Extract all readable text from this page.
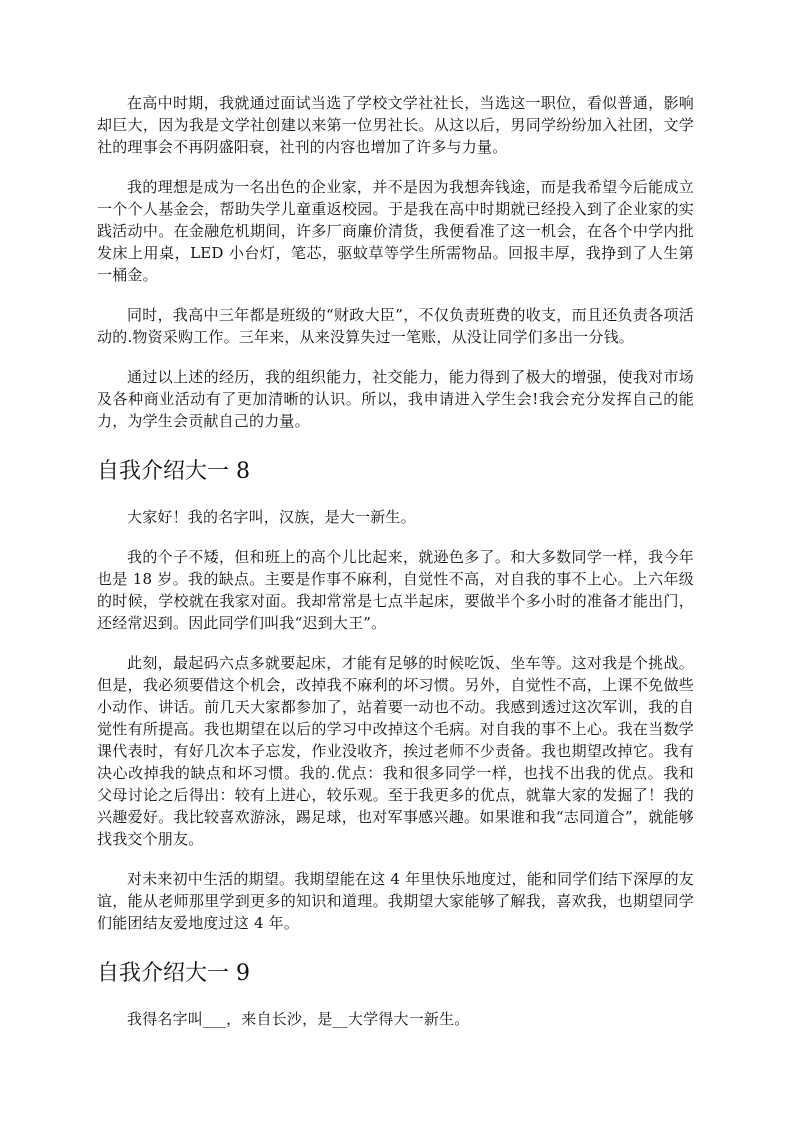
在高中时期，我就通过面试当选了学校文学社社长，当选这一职位，看似普通，影响却巨大，因为我是文学社创建以来第一位男社长。从这以后，男同学纷纷加入社团，文学社的理事会不再阴盛阳衰，社刊的内容也增加了许多与力量。

我的理想是成为一名出色的企业家，并不是因为我想奔钱途，而是我希望今后能成立一个个人基金会，帮助失学儿童重返校园。于是我在高中时期就已经投入到了企业家的实践活动中。在金融危机期间，许多厂商廉价清货，我便看准了这一机会，在各个中学内批发床上用桌，LED 小台灯，笔芯，驱蚊草等学生所需物品。回报丰厚，我挣到了人生第一桶金。

同时，我高中三年都是班级的“财政大臣”，不仅负责班费的收支，而且还负责各项活动的.物资采购工作。三年来，从来没算失过一笔账，从没让同学们多出一分钱。

通过以上述的经历，我的组织能力，社交能力，能力得到了极大的增强，使我对市场及各种商业活动有了更加清晰的认识。所以，我申请进入学生会!我会充分发挥自己的能力，为学生会贡献自己的力量。

自我介绍大一 8

大家好！我的名字叫，汉族，是大一新生。

我的个子不矮，但和班上的高个儿比起来，就逊色多了。和大多数同学一样，我今年也是 18 岁。我的缺点。主要是作事不麻利，自觉性不高，对自我的事不上心。上六年级的时候，学校就在我家对面。我却常常是七点半起床，要做半个多小时的准备才能出门，还经常迟到。因此同学们叫我“迟到大王”。

此刻，最起码六点多就要起床，才能有足够的时候吃饭、坐车等。这对我是个挑战。但是，我必须要借这个机会，改掉我不麻利的坏习惯。另外，自觉性不高，上课不免做些小动作、讲话。前几天大家都参加了，站着要一动也不动。我感到透过这次军训，我的自觉性有所提高。我也期望在以后的学习中改掉这个毛病。对自我的事不上心。我在当数学课代表时，有好几次本子忘发，作业没收齐，挨过老师不少责备。我也期望改掉它。我有决心改掉我的缺点和坏习惯。我的.优点：我和很多同学一样，也找不出我的优点。我和父母讨论之后得出：较有上进心，较乐观。至于我更多的优点，就靠大家的发掘了！我的兴趣爱好。我比较喜欢游泳，踢足球，也对军事感兴趣。如果谁和我“志同道合”，就能够找我交个朋友。

对未来初中生活的期望。我期望能在这 4 年里快乐地度过，能和同学们结下深厚的友谊，能从老师那里学到更多的知识和道理。我期望大家能够了解我，喜欢我，也期望同学们能团结友爱地度过这 4 年。

自我介绍大一 9

我得名字叫___，来自长沙，是__大学得大一新生。
